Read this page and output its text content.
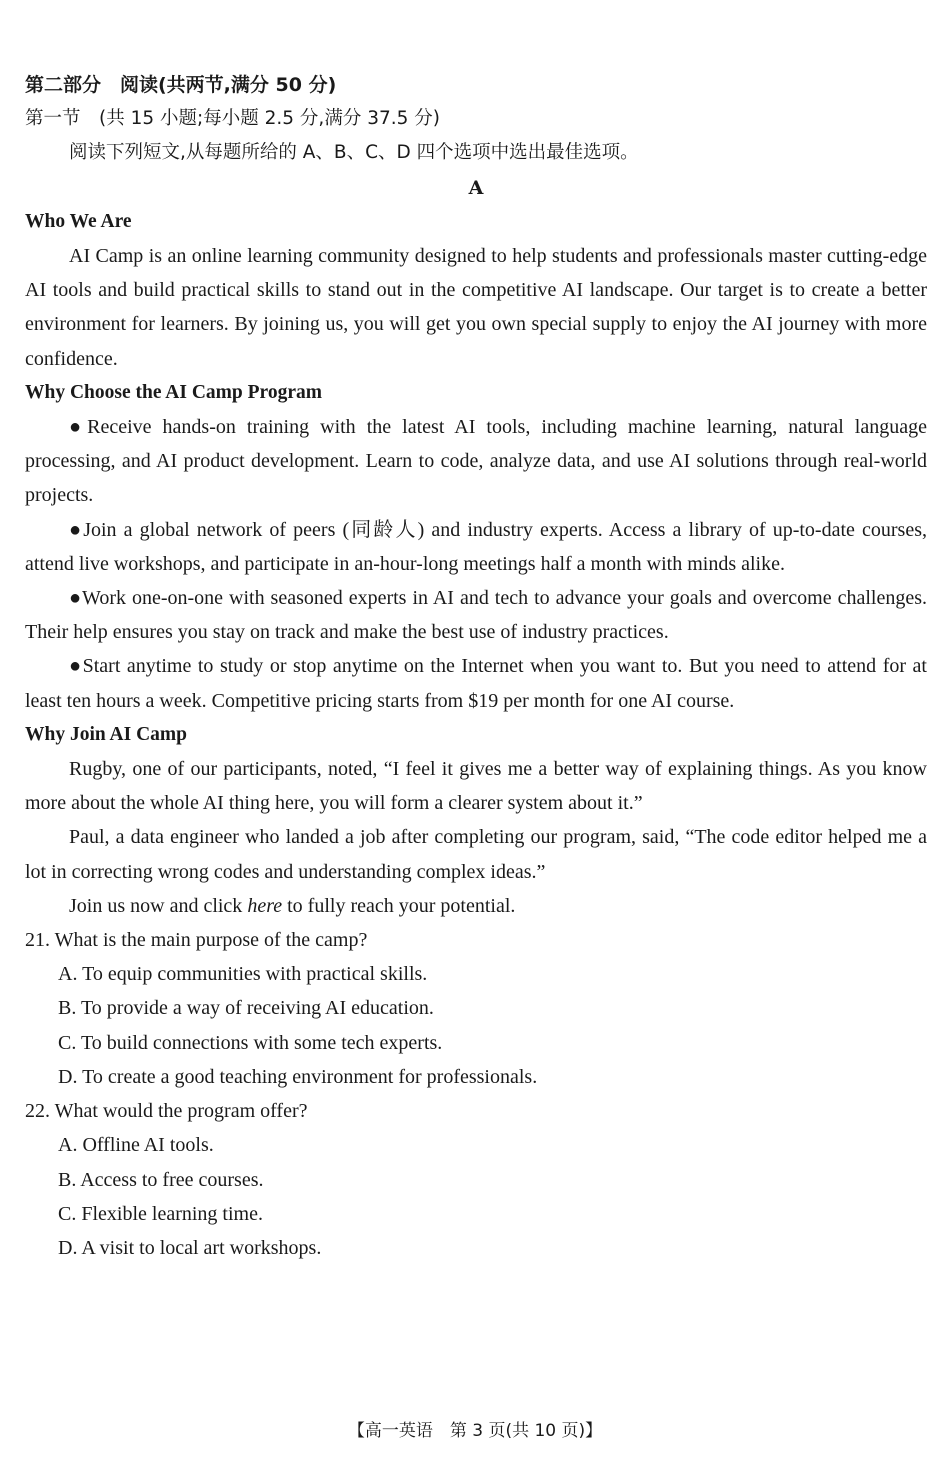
第二部分　阅读(共两节,满分 50 分)

第一节　(共 15 小题;每小题 2.5 分,满分 37.5 分)

阅读下列短文,从每题所给的 A、B、C、D 四个选项中选出最佳选项。

A

Who We Are

AI Camp is an online learning community designed to help students and professionals master cutting-edge AI tools and build practical skills to stand out in the competitive AI landscape. Our target is to create a better environment for learners. By joining us, you will get you own special supply to enjoy the AI journey with more confidence.

Why Choose the AI Camp Program

●Receive hands-on training with the latest AI tools, including machine learning, natural language processing, and AI product development. Learn to code, analyze data, and use AI solutions through real-world projects.

●Join a global network of peers (同龄人) and industry experts. Access a library of up-to-date courses, attend live workshops, and participate in an-hour-long meetings half a month with minds alike.

●Work one-on-one with seasoned experts in AI and tech to advance your goals and overcome challenges. Their help ensures you stay on track and make the best use of industry practices.

●Start anytime to study or stop anytime on the Internet when you want to. But you need to attend for at least ten hours a week. Competitive pricing starts from $19 per month for one AI course.

Why Join AI Camp

Rugby, one of our participants, noted, “I feel it gives me a better way of explaining things. As you know more about the whole AI thing here, you will form a clearer system about it.”

Paul, a data engineer who landed a job after completing our program, said, “The code editor helped me a lot in correcting wrong codes and understanding complex ideas.”

Join us now and click here to fully reach your potential.

21. What is the main purpose of the camp?

A. To equip communities with practical skills.

B. To provide a way of receiving AI education.

C. To build connections with some tech experts.

D. To create a good teaching environment for professionals.

22. What would the program offer?

A. Offline AI tools.

B. Access to free courses.

C. Flexible learning time.

D. A visit to local art workshops.

【高一英语　第 3 页(共 10 页)】
